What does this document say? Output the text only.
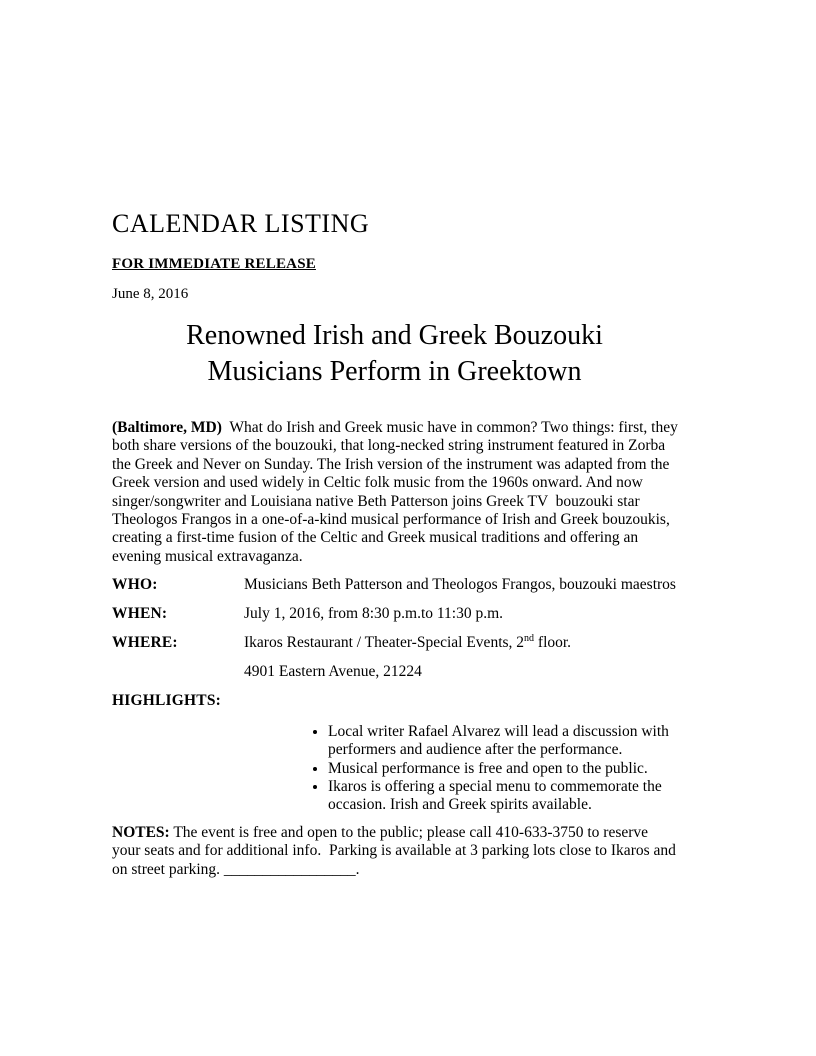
CALENDAR LISTING
FOR IMMEDIATE RELEASE
June 8, 2016
Renowned Irish and Greek Bouzouki
Musicians Perform in Greektown
(Baltimore, MD)  What do Irish and Greek music have in common? Two things: first, they both share versions of the bouzouki, that long-necked string instrument featured in Zorba the Greek and Never on Sunday. The Irish version of the instrument was adapted from the Greek version and used widely in Celtic folk music from the 1960s onward. And now singer/songwriter and Louisiana native Beth Patterson joins Greek TV  bouzouki star Theologos Frangos in a one-of-a-kind musical performance of Irish and Greek bouzoukis, creating a first-time fusion of the Celtic and Greek musical traditions and offering an evening musical extravaganza.
WHO:	Musicians Beth Patterson and Theologos Frangos, bouzouki maestros
WHEN:	July 1, 2016, from 8:30 p.m.to 11:30 p.m.
WHERE:	Ikaros Restaurant / Theater-Special Events, 2nd floor.
4901 Eastern Avenue, 21224
HIGHLIGHTS:
• Local writer Rafael Alvarez will lead a discussion with performers and audience after the performance.
• Musical performance is free and open to the public.
• Ikaros is offering a special menu to commemorate the occasion. Irish and Greek spirits available.
NOTES: The event is free and open to the public; please call 410-633-3750 to reserve your seats and for additional info.  Parking is available at 3 parking lots close to Ikaros and on street parking. _________________.
